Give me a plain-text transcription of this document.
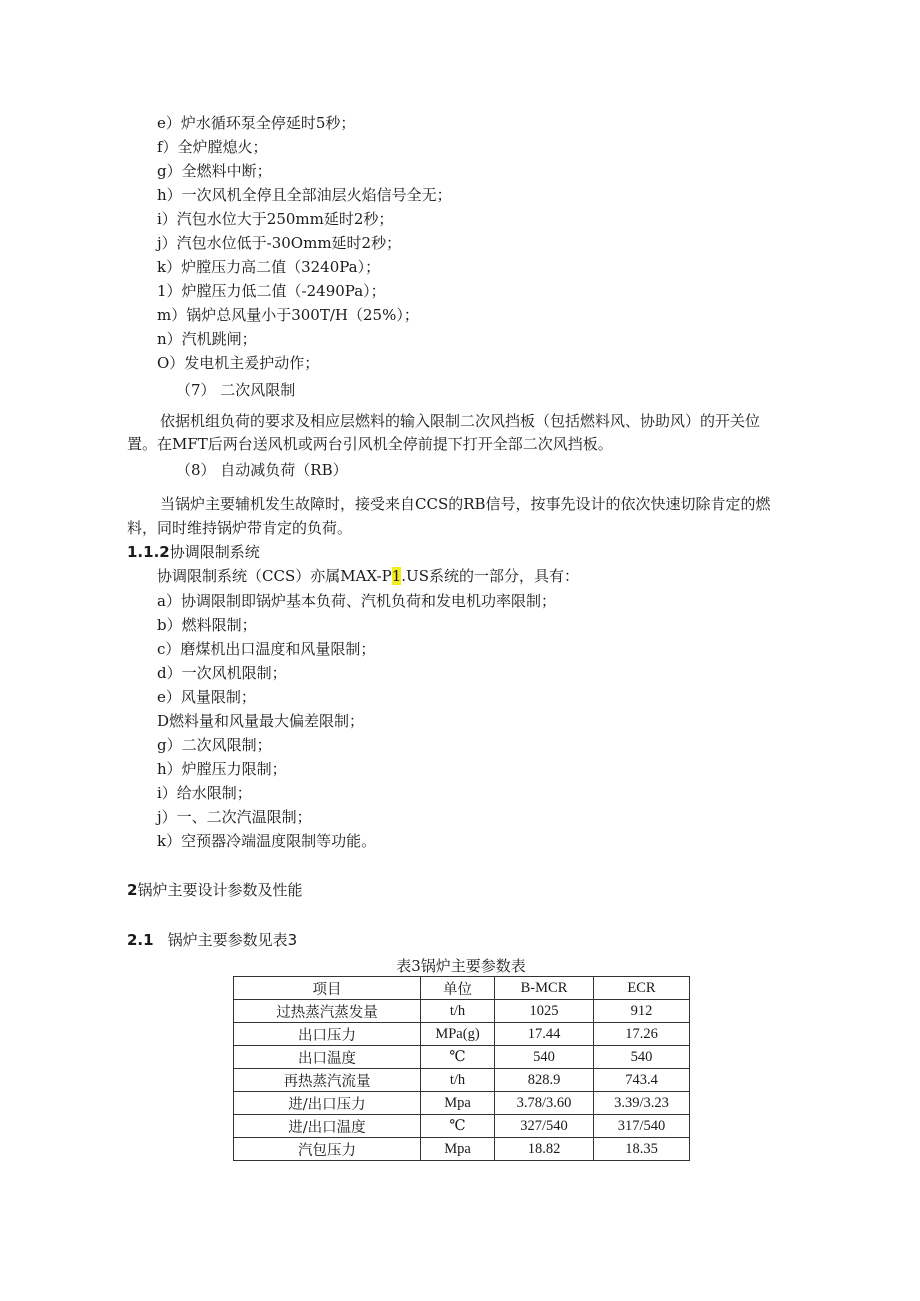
e）炉水循环泵全停延时5秒；
f）全炉膛熄火；
g）全燃料中断；
h）一次风机全停且全部油层火焰信号全无；
i）汽包水位大于250mm延时2秒；
j）汽包水位低于-30Omm延时2秒；
k）炉膛压力高二值（3240Pa）；
1）炉膛压力低二值（-2490Pa）；
m）锅炉总风量小于300T/H（25%）；
n）汽机跳闸；
O）发电机主爰护动作；
（7） 二次风限制
依据机组负荷的要求及相应层燃料的输入限制二次风挡板（包括燃料风、协助风）的开关位
置。在MFT后两台送风机或两台引风机全停前提下打开全部二次风挡板。
（8） 自动减负荷（RB）
当锅炉主要辅机发生故障时，接受来自CCS的RB信号，按事先设计的依次快速切除肯定的燃
料，同时维持锅炉带肯定的负荷。
1.1.2协调限制系统
协调限制系统（CCS）亦属MAX-P1.US系统的一部分，具有：
a）协调限制即锅炉基本负荷、汽机负荷和发电机功率限制；
b）燃料限制；
c）磨煤机出口温度和风量限制；
d）一次风机限制；
e）风量限制；
D燃料量和风量最大偏差限制；
g）二次风限制；
h）炉膛压力限制；
i）给水限制；
j）一、二次汽温限制；
k）空预器冷端温度限制等功能。
2锅炉主要设计参数及性能
2.1 锅炉主要参数见表3
表3锅炉主要参数表
项目	单位	B-MCR	ECR
过热蒸汽蒸发量	t/h	1025	912
出口压力	MPa(g)	17.44	17.26
出口温度	℃	540	540
再热蒸汽流量	t/h	828.9	743.4
进/出口压力	Mpa	3.78/3.60	3.39/3.23
进/出口温度	℃	327/540	317/540
汽包压力	Mpa	18.82	18.35
